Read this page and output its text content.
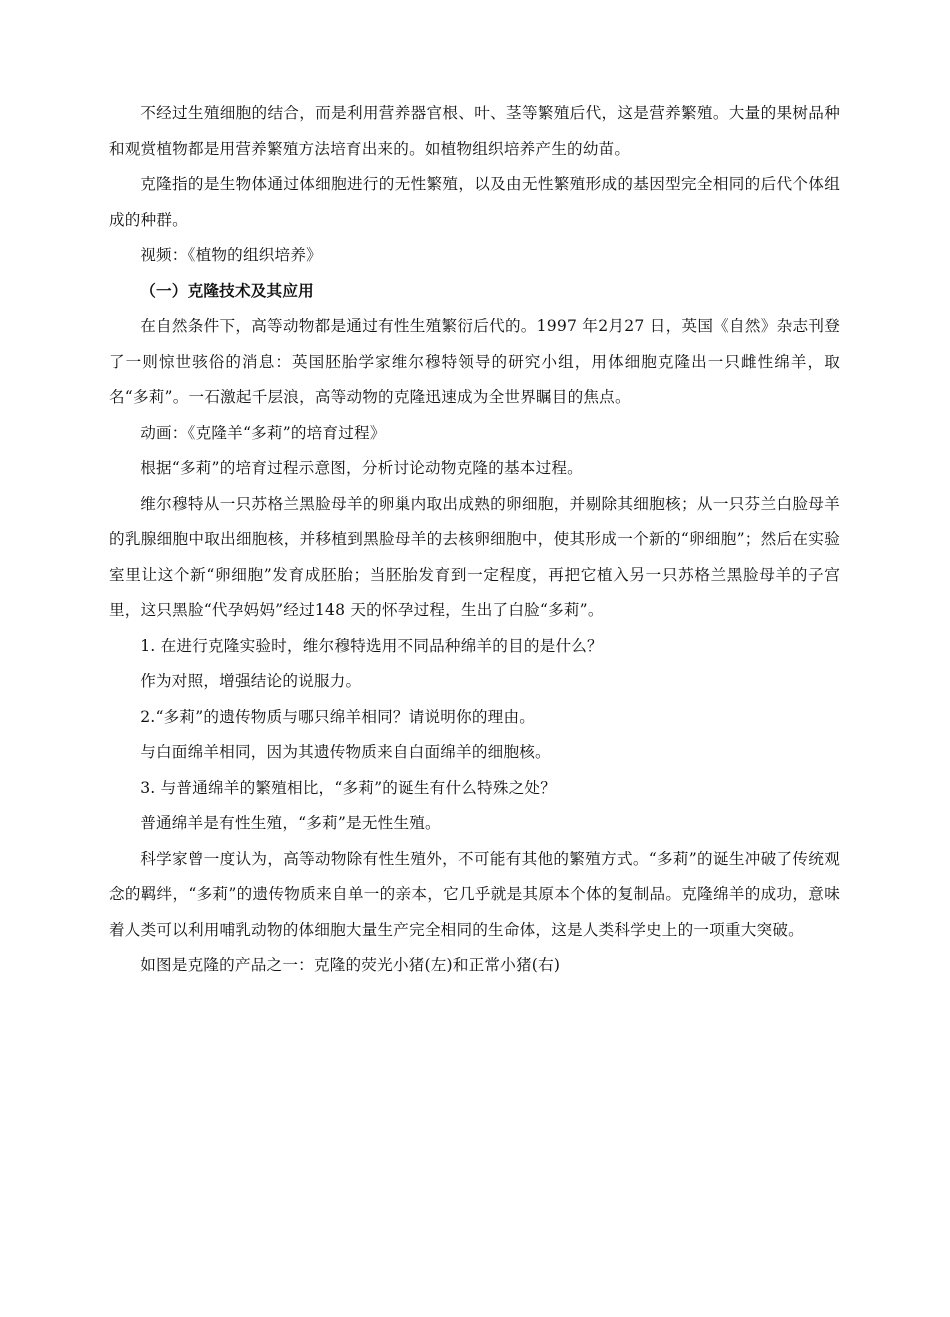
不经过生殖细胞的结合，而是利用营养器官根、叶、茎等繁殖后代，这是营养繁殖。大量的果树品种和观赏植物都是用营养繁殖方法培育出来的。如植物组织培养产生的幼苗。

克隆指的是生物体通过体细胞进行的无性繁殖，以及由无性繁殖形成的基因型完全相同的后代个体组成的种群。

视频：《植物的组织培养》

（一）克隆技术及其应用

在自然条件下，高等动物都是通过有性生殖繁衍后代的。1997 年2月27 日，英国《自然》杂志刊登了一则惊世骇俗的消息：英国胚胎学家维尔穆特领导的研究小组，用体细胞克隆出一只雌性绵羊，取名“多莉”。一石激起千层浪，高等动物的克隆迅速成为全世界瞩目的焦点。

动画：《克隆羊“多莉”的培育过程》

根据“多莉”的培育过程示意图，分析讨论动物克隆的基本过程。

维尔穆特从一只苏格兰黑脸母羊的卵巢内取出成熟的卵细胞，并剔除其细胞核；从一只芬兰白脸母羊的乳腺细胞中取出细胞核，并移植到黑脸母羊的去核卵细胞中，使其形成一个新的“卵细胞”；然后在实验室里让这个新“卵细胞”发育成胚胎；当胚胎发育到一定程度，再把它植入另一只苏格兰黑脸母羊的子宫里，这只黑脸“代孕妈妈”经过148 天的怀孕过程，生出了白脸“多莉”。

1. 在进行克隆实验时，维尔穆特选用不同品种绵羊的目的是什么？

作为对照，增强结论的说服力。

2.“多莉”的遗传物质与哪只绵羊相同？请说明你的理由。

与白面绵羊相同，因为其遗传物质来自白面绵羊的细胞核。

3. 与普通绵羊的繁殖相比，“多莉”的诞生有什么特殊之处？

普通绵羊是有性生殖，“多莉”是无性生殖。

科学家曾一度认为，高等动物除有性生殖外，不可能有其他的繁殖方式。“多莉”的诞生冲破了传统观念的羁绊，“多莉”的遗传物质来自单一的亲本，它几乎就是其原本个体的复制品。克隆绵羊的成功，意味着人类可以利用哺乳动物的体细胞大量生产完全相同的生命体，这是人类科学史上的一项重大突破。

如图是克隆的产品之一：克隆的荧光小猪(左)和正常小猪(右)
